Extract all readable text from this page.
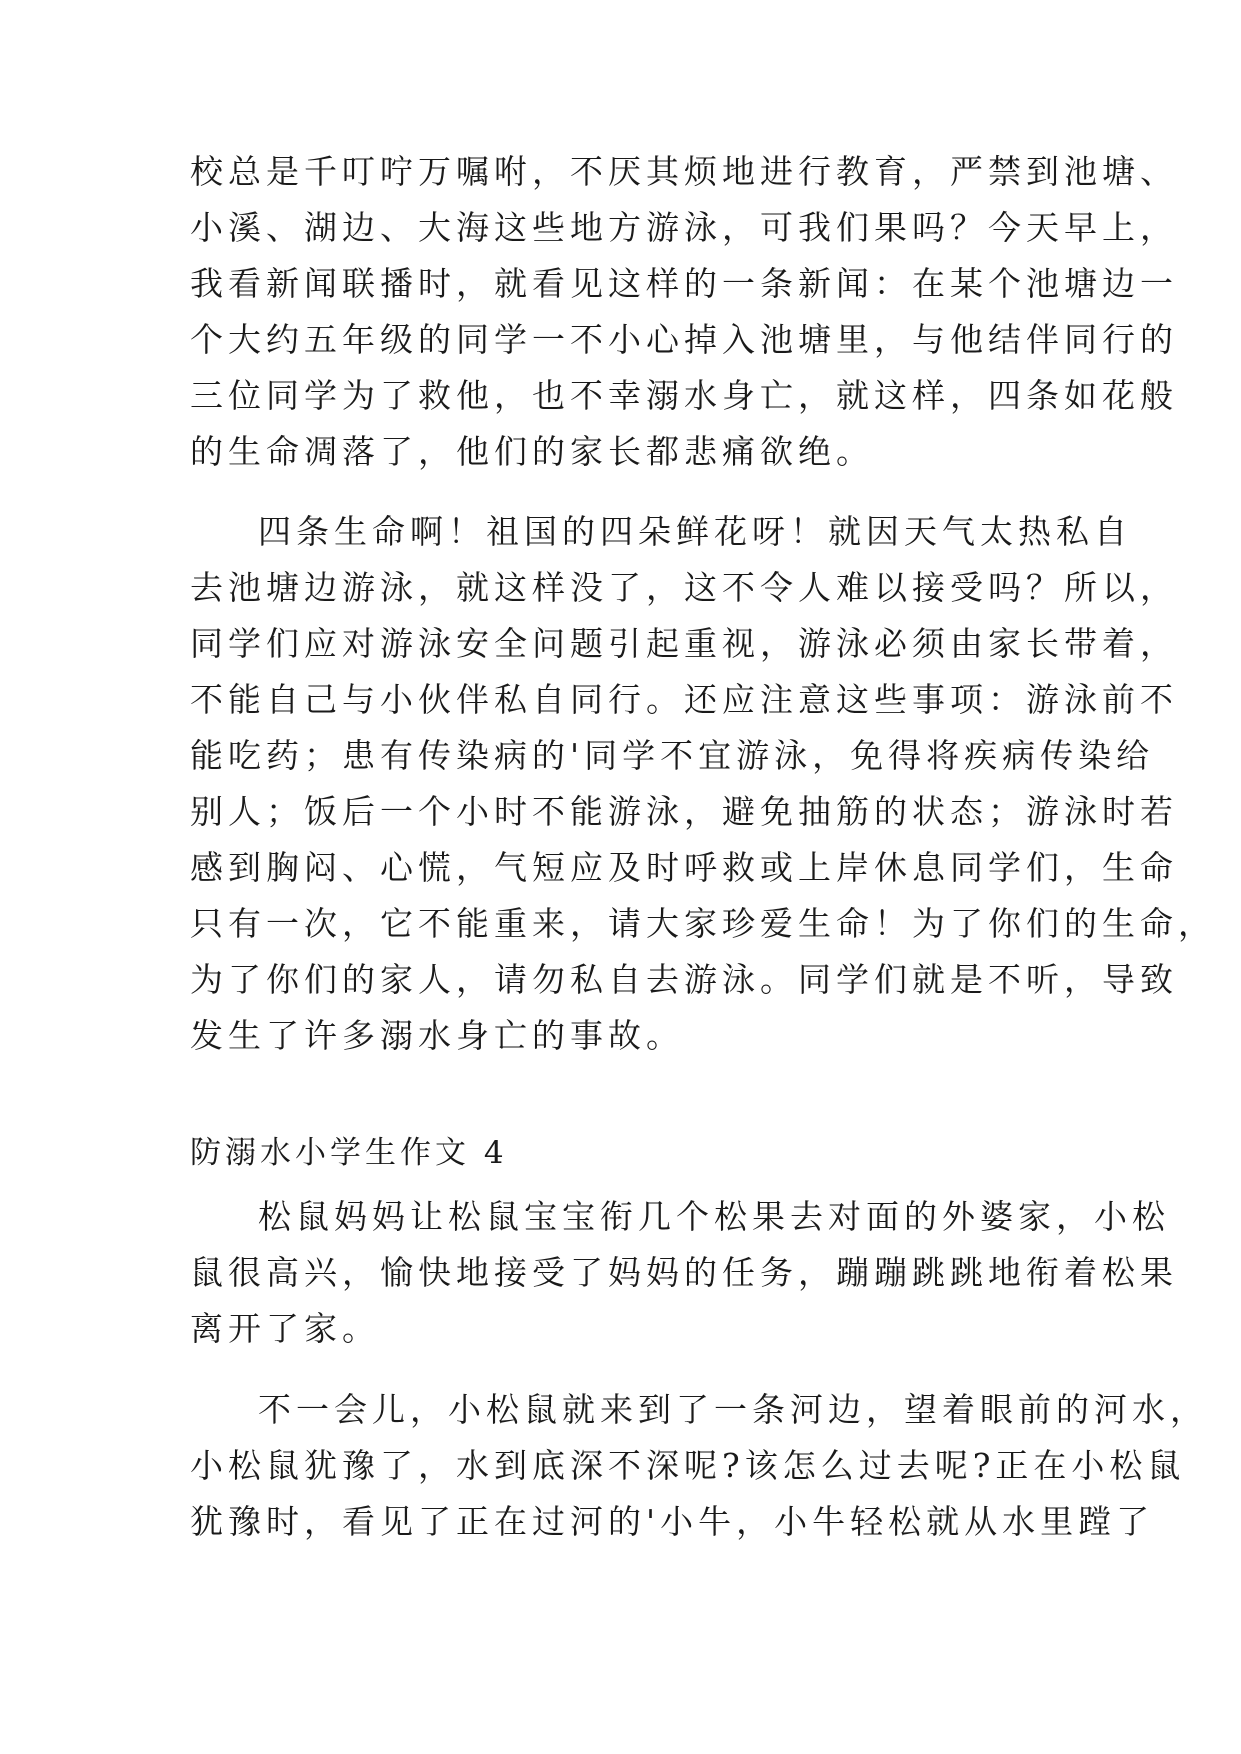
校总是千叮咛万嘱咐，不厌其烦地进行教育，严禁到池塘、
小溪、湖边、大海这些地方游泳，可我们果吗？今天早上，
我看新闻联播时，就看见这样的一条新闻：在某个池塘边一
个大约五年级的同学一不小心掉入池塘里，与他结伴同行的
三位同学为了救他，也不幸溺水身亡，就这样，四条如花般
的生命凋落了，他们的家长都悲痛欲绝。
四条生命啊！祖国的四朵鲜花呀！就因天气太热私自
去池塘边游泳，就这样没了，这不令人难以接受吗？所以，
同学们应对游泳安全问题引起重视，游泳必须由家长带着，
不能自己与小伙伴私自同行。还应注意这些事项：游泳前不
能吃药；患有传染病的'同学不宜游泳，免得将疾病传染给
别人；饭后一个小时不能游泳，避免抽筋的状态；游泳时若
感到胸闷、心慌，气短应及时呼救或上岸休息同学们，生命
只有一次，它不能重来，请大家珍爱生命！为了你们的生命，
为了你们的家人，请勿私自去游泳。同学们就是不听，导致
发生了许多溺水身亡的事故。
防溺水小学生作文 4
松鼠妈妈让松鼠宝宝衔几个松果去对面的外婆家，小松
鼠很高兴，愉快地接受了妈妈的任务，蹦蹦跳跳地衔着松果
离开了家。
不一会儿，小松鼠就来到了一条河边，望着眼前的河水，
小松鼠犹豫了，水到底深不深呢?该怎么过去呢?正在小松鼠
犹豫时，看见了正在过河的'小牛，小牛轻松就从水里蹚了
